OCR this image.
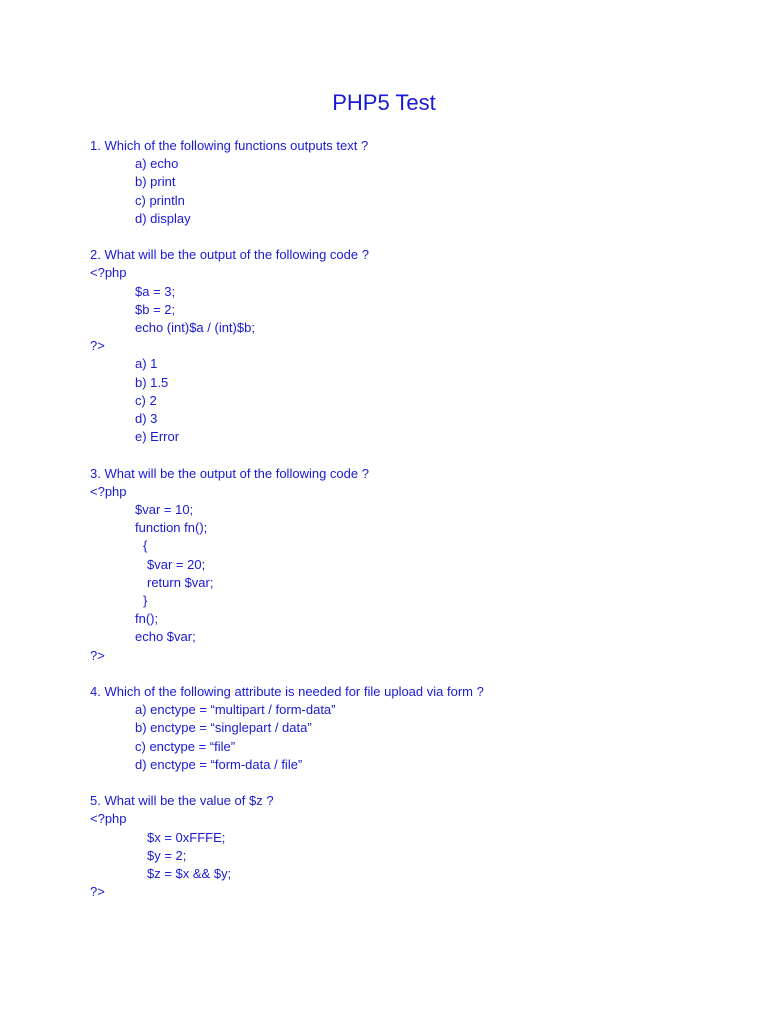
PHP5 Test
1. Which of the following functions outputs text ?
a) echo
b) print
c) println
d) display
2. What will be the output of the following code ?
<?php
$a = 3;
$b = 2;
echo (int)$a / (int)$b;
?>
a) 1
b) 1.5
c) 2
d) 3
e) Error
3. What will be the output of the following code ?
<?php
$var = 10;
function fn();
{
$var = 20;
return $var;
}
fn();
echo $var;
?>
4. Which of the following attribute is needed for file upload via form ?
a) enctype = “multipart / form-data”
b) enctype = “singlepart / data”
c) enctype = “file”
d) enctype = “form-data / file”
5. What will be the value of $z ?
<?php
$x = 0xFFFE;
$y = 2;
$z = $x && $y;
?>
